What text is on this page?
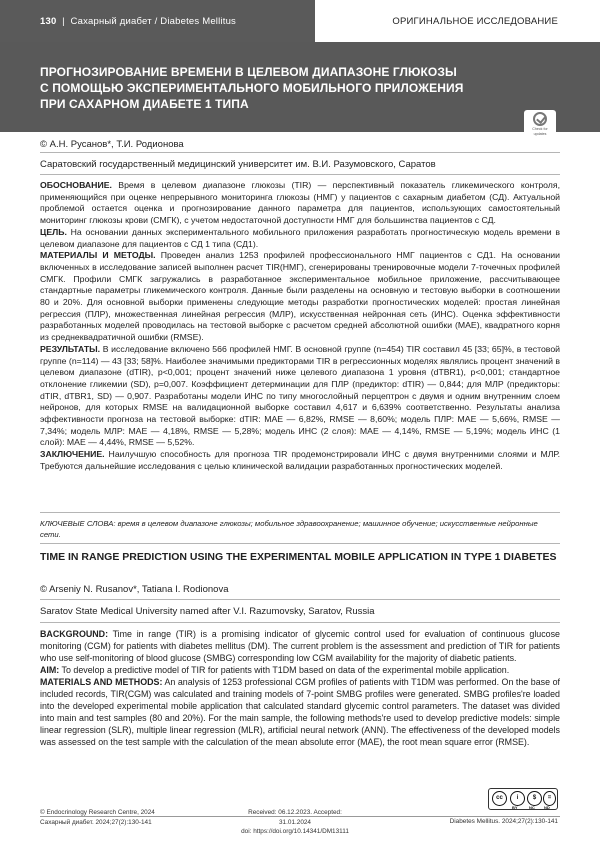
130  |  Сахарный диабет / Diabetes Mellitus	ОРИГИНАЛЬНОЕ ИССЛЕДОВАНИЕ
ПРОГНОЗИРОВАНИЕ ВРЕМЕНИ В ЦЕЛЕВОМ ДИАПАЗОНЕ ГЛЮКОЗЫ
С ПОМОЩЬЮ ЭКСПЕРИМЕНТАЛЬНОГО МОБИЛЬНОГО ПРИЛОЖЕНИЯ
ПРИ САХАРНОМ ДИАБЕТЕ 1 ТИПА
Check for
updates
© А.Н. Русанов*, Т.И. Родионова
Саратовский государственный медицинский университет им. В.И. Разумовского, Саратов

ОБОСНОВАНИЕ. Время в целевом диапазоне глюкозы (TIR) — перспективный показатель гликемического контроля, применяющийся при оценке непрерывного мониторинга глюкозы (НМГ) у пациентов с сахарным диабетом (СД). Актуальной проблемой остается оценка и прогнозирование данного параметра для пациентов, использующих самостоятельный мониторинг глюкозы крови (СМГК), с учетом недостаточной доступности НМГ для большинства пациентов с СД.

ЦЕЛЬ. На основании данных экспериментального мобильного приложения разработать прогностическую модель времени в целевом диапазоне для пациентов с СД 1 типа (СД1).

МАТЕРИАЛЫ И МЕТОДЫ. Проведен анализ 1253 профилей профессионального НМГ пациентов с СД1. На основании включенных в исследование записей выполнен расчет TIR(НМГ), сгенерированы тренировочные модели 7-точечных профилей СМГК. Профили СМГК загружались в разработанное экспериментальное мобильное приложение, рассчитывающее стандартные параметры гликемического контроля. Данные были разделены на основную и тестовую выборки в соотношении 80 и 20%. Для основной выборки применены следующие методы разработки прогностических моделей: простая линейная регрессия (ПЛР), множественная линейная регрессия (МЛР), искусственная нейронная сеть (ИНС). Оценка эффективности разработанных моделей проводилась на тестовой выборке с расчетом средней абсолютной ошибки (MAE), квадратного корня из среднеквадратичной ошибки (RMSE).

РЕЗУЛЬТАТЫ. В исследование включено 566 профилей НМГ. В основной группе (n=454) TIR составил 45 [33; 65]%, в тестовой группе (n=114) — 43 [33; 58]%. Наиболее значимыми предикторами TIR в регрессионных моделях являлись процент значений в целевом диапазоне (dTIR), p<0,001; процент значений ниже целевого диапазона 1 уровня (dTBR1), p<0,001; стандартное отклонение гликемии (SD), p=0,007. Коэффициент детерминации для ПЛР (предиктор: dTIR) — 0,844; для МЛР (предикторы: dTIR, dTBR1, SD) — 0,907. Разработаны модели ИНС по типу многослойный перцептрон с двумя и одним внутренним слоем нейронов, для которых RMSE на валидационной выборке составил 4,617 и 6,639% соответственно. Результаты анализа эффективности прогноза на тестовой выборке: dTIR: MAE — 6,82%, RMSE — 8,60%; модель ПЛР: MAE — 5,66%, RMSE — 7,34%; модель МЛР: MAE — 4,18%, RMSE — 5,28%; модель ИНС (2 слоя): MAE — 4,14%, RMSE — 5,19%; модель ИНС (1 слой): MAE — 4,44%, RMSE — 5,52%.

ЗАКЛЮЧЕНИЕ. Наилучшую способность для прогноза TIR продемонстрировали ИНС с двумя внутренними слоями и МЛР. Требуются дальнейшие исследования с целью клинической валидации разработанных прогностических моделей.

КЛЮЧЕВЫЕ СЛОВА: время в целевом диапазоне глюкозы; мобильное здравоохранение; машинное обучение; искусственные нейронные сети.
TIME IN RANGE PREDICTION USING THE EXPERIMENTAL MOBILE APPLICATION IN TYPE 1 DIABETES
© Arseniy N. Rusanov*, Tatiana I. Rodionova
Saratov State Medical University named after V.I. Razumovsky, Saratov, Russia

BACKGROUND: Time in range (TIR) is a promising indicator of glycemic control used for evaluation of continuous glucose monitoring (CGM) for patients with diabetes mellitus (DM). The current problem is the assessment and prediction of TIR for patients who use self-monitoring of blood glucose (SMBG) corresponding low CGM availability for the majority of diabetic patients.

AIM: To develop a predictive model of TIR for patients with T1DM based on data of the experimental mobile application.

MATERIALS AND METHODS: An analysis of 1253 professional CGM profiles of patients with T1DM was performed. On the base of included records, TIR(CGM) was calculated and training models of 7-point SMBG profiles were generated. SMBG profiles're loaded into the developed experimental mobile application that calculated standard glycemic control parameters. The dataset was divided into main and test samples (80 and 20%). For the main sample, the following methods're used to develop predictive models: simple linear regression (SLR), multiple linear regression (MLR), artificial neural network (ANN). The effectiveness of the developed models was assessed on the test sample with the calculation of the mean absolute error (MAE), the root mean square error (RMSE).

cc	i	$	=
BY	NC ND
© Endocrinology Research Centre, 2024
Сахарный диабет. 2024;27(2):130-141
Received: 06.12.2023. Accepted: 31.01.2024
doi: https://doi.org/10.14341/DM13111
Diabetes Mellitus. 2024;27(2):130-141
